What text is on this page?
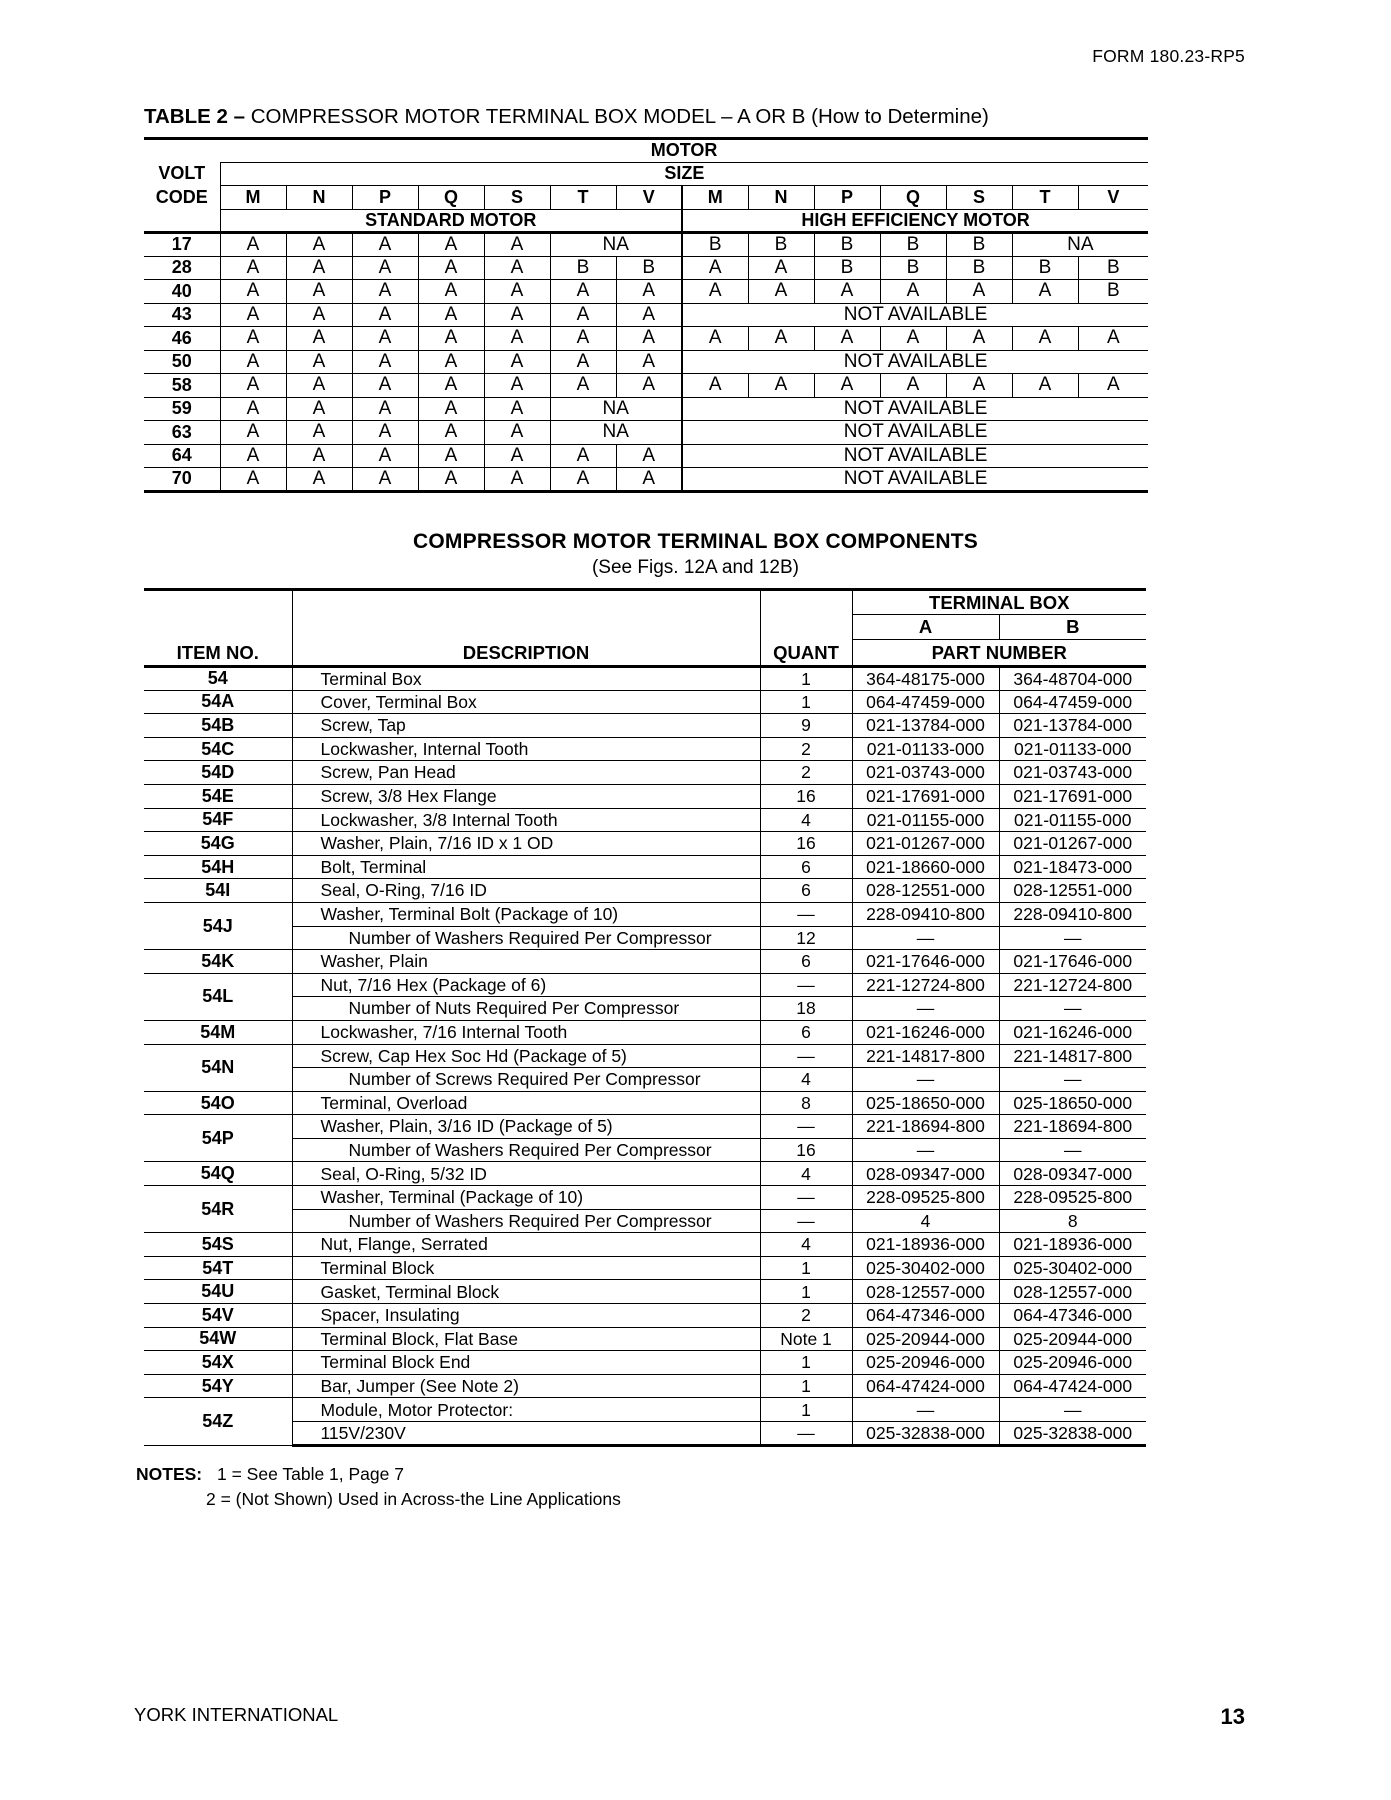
FORM 180.23-RP5
TABLE 2 – COMPRESSOR MOTOR TERMINAL BOX MODEL – A OR B (How to Determine)
	MOTOR													
VOLT	SIZE													
CODE	M	N	P	Q	S	T	V	M	N	P	Q	S	T	V
	STANDARD MOTOR							HIGH EFFICIENCY MOTOR						
17	A	A	A	A	A	NA		B	B	B	B	B	NA	
28	A	A	A	A	A	B	B	A	A	B	B	B	B	B
40	A	A	A	A	A	A	A	A	A	A	A	A	A	B
43	A	A	A	A	A	A	A	NOT AVAILABLE						
46	A	A	A	A	A	A	A	A	A	A	A	A	A	A
50	A	A	A	A	A	A	A	NOT AVAILABLE						
58	A	A	A	A	A	A	A	A	A	A	A	A	A	A
59	A	A	A	A	A	NA		NOT AVAILABLE						
63	A	A	A	A	A	NA		NOT AVAILABLE						
64	A	A	A	A	A	A	A	NOT AVAILABLE						
70	A	A	A	A	A	A	A	NOT AVAILABLE						
COMPRESSOR MOTOR TERMINAL BOX COMPONENTS
(See Figs. 12A and 12B)
			TERMINAL BOX	
			A	B
ITEM NO.	DESCRIPTION	QUANT	PART NUMBER	
54	Terminal Box	1	364-48175-000	364-48704-000
54A	Cover, Terminal Box	1	064-47459-000	064-47459-000
54B	Screw, Tap	9	021-13784-000	021-13784-000
54C	Lockwasher, Internal Tooth	2	021-01133-000	021-01133-000
54D	Screw, Pan Head	2	021-03743-000	021-03743-000
54E	Screw, 3/8 Hex Flange	16	021-17691-000	021-17691-000
54F	Lockwasher, 3/8 Internal Tooth	4	021-01155-000	021-01155-000
54G	Washer, Plain, 7/16 ID x 1 OD	16	021-01267-000	021-01267-000
54H	Bolt, Terminal	6	021-18660-000	021-18473-000
54I	Seal, O-Ring, 7/16 ID	6	028-12551-000	028-12551-000
54J	Washer, Terminal Bolt (Package of 10)	—	228-09410-800	228-09410-800
	Number of Washers Required Per Compressor	12	—	—
54K	Washer, Plain	6	021-17646-000	021-17646-000
54L	Nut, 7/16 Hex (Package of 6)	—	221-12724-800	221-12724-800
	Number of Nuts Required Per Compressor	18	—	—
54M	Lockwasher, 7/16 Internal Tooth	6	021-16246-000	021-16246-000
54N	Screw, Cap Hex Soc Hd (Package of 5)	—	221-14817-800	221-14817-800
	Number of Screws Required Per Compressor	4	—	—
54O	Terminal, Overload	8	025-18650-000	025-18650-000
54P	Washer, Plain, 3/16 ID (Package of 5)	—	221-18694-800	221-18694-800
	Number of Washers Required Per Compressor	16	—	—
54Q	Seal, O-Ring, 5/32 ID	4	028-09347-000	028-09347-000
54R	Washer, Terminal (Package of 10)	—	228-09525-800	228-09525-800
	Number of Washers Required Per Compressor	—	4	8
54S	Nut, Flange, Serrated	4	021-18936-000	021-18936-000
54T	Terminal Block	1	025-30402-000	025-30402-000
54U	Gasket, Terminal Block	1	028-12557-000	028-12557-000
54V	Spacer, Insulating	2	064-47346-000	064-47346-000
54W	Terminal Block, Flat Base	Note 1	025-20944-000	025-20944-000
54X	Terminal Block End	1	025-20946-000	025-20946-000
54Y	Bar, Jumper (See Note 2)	1	064-47424-000	064-47424-000
54Z	Module, Motor Protector:	1	—	—
	115V/230V	—	025-32838-000	025-32838-000
NOTES: 1 = See Table 1, Page 7
2 = (Not Shown) Used in Across-the Line Applications
YORK INTERNATIONAL	13
